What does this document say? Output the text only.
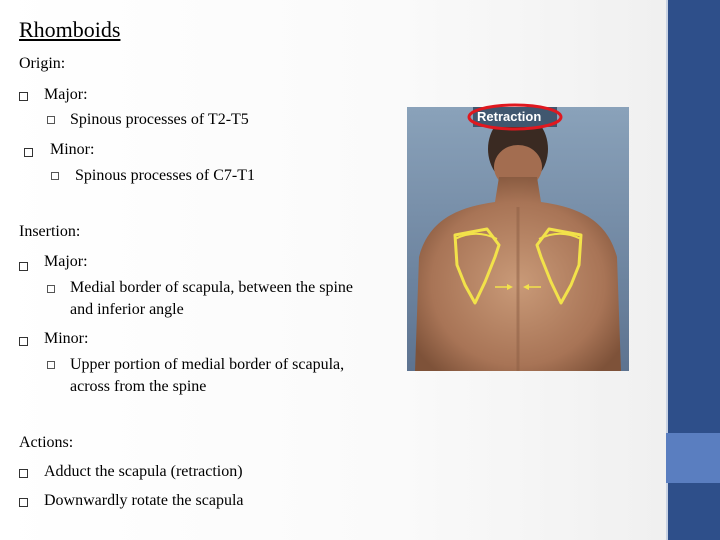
Rhomboids
Origin:
Major:
Spinous processes of T2-T5
Minor:
Spinous processes of C7-T1
Insertion:
Major:
Medial border of scapula, between the spine
and inferior angle
Minor:
Upper portion of medial border of scapula,
across from the spine
Actions:
Adduct the scapula (retraction)
Downwardly rotate the scapula
Retraction
